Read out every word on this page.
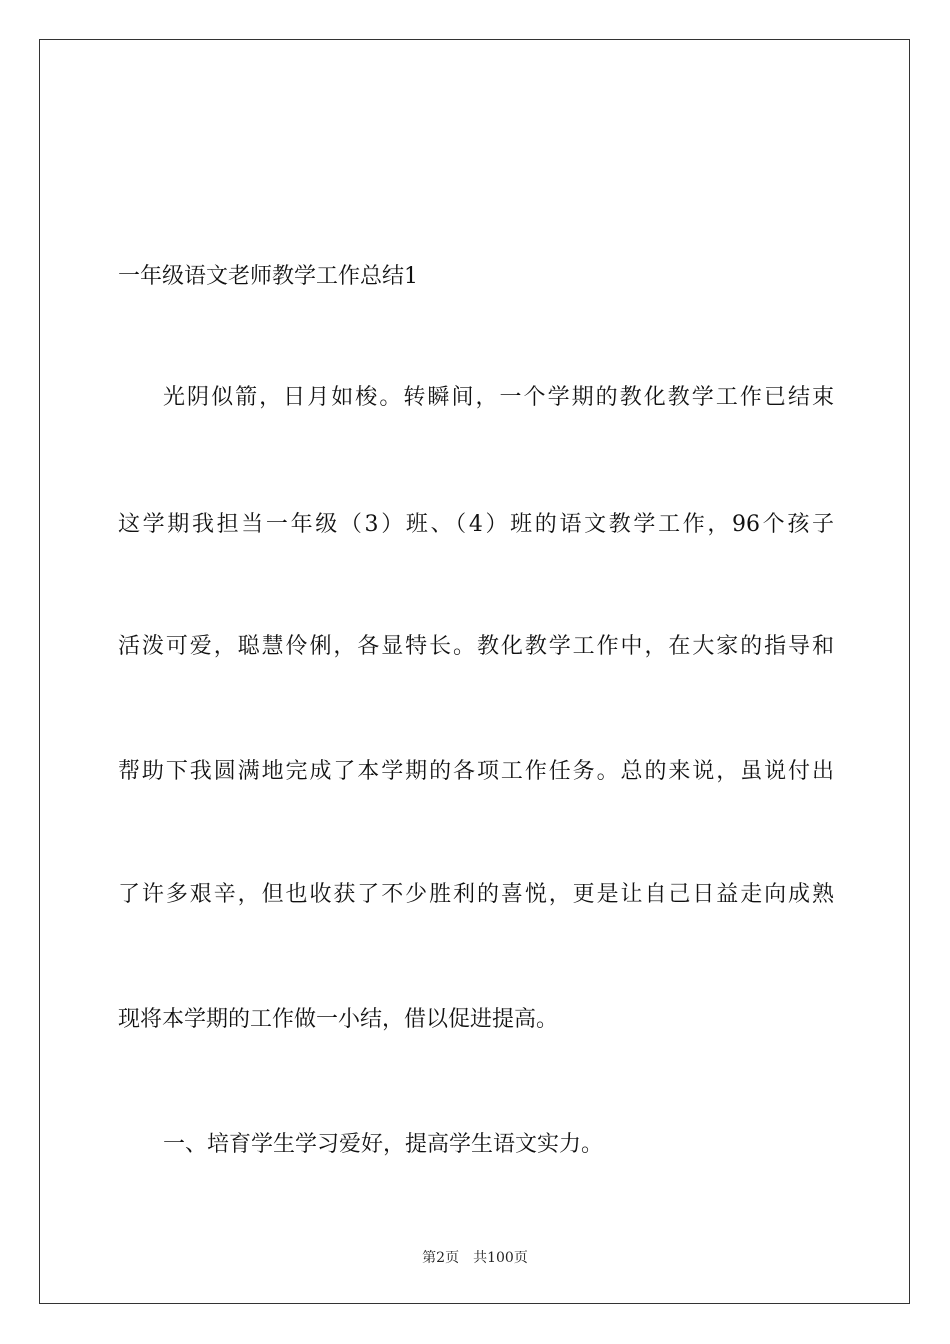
一年级语文老师教学工作总结1
光阴似箭，日月如梭。转瞬间，一个学期的教化教学工作已结束
这学期我担当一年级（3）班、（4）班的语文教学工作，96个孩子
活泼可爱，聪慧伶俐，各显特长。教化教学工作中，在大家的指导和
帮助下我圆满地完成了本学期的各项工作任务。总的来说，虽说付出
了许多艰辛，但也收获了不少胜利的喜悦，更是让自己日益走向成熟
现将本学期的工作做一小结，借以促进提高。
一、培育学生学习爱好，提高学生语文实力。
第2页 共100页
